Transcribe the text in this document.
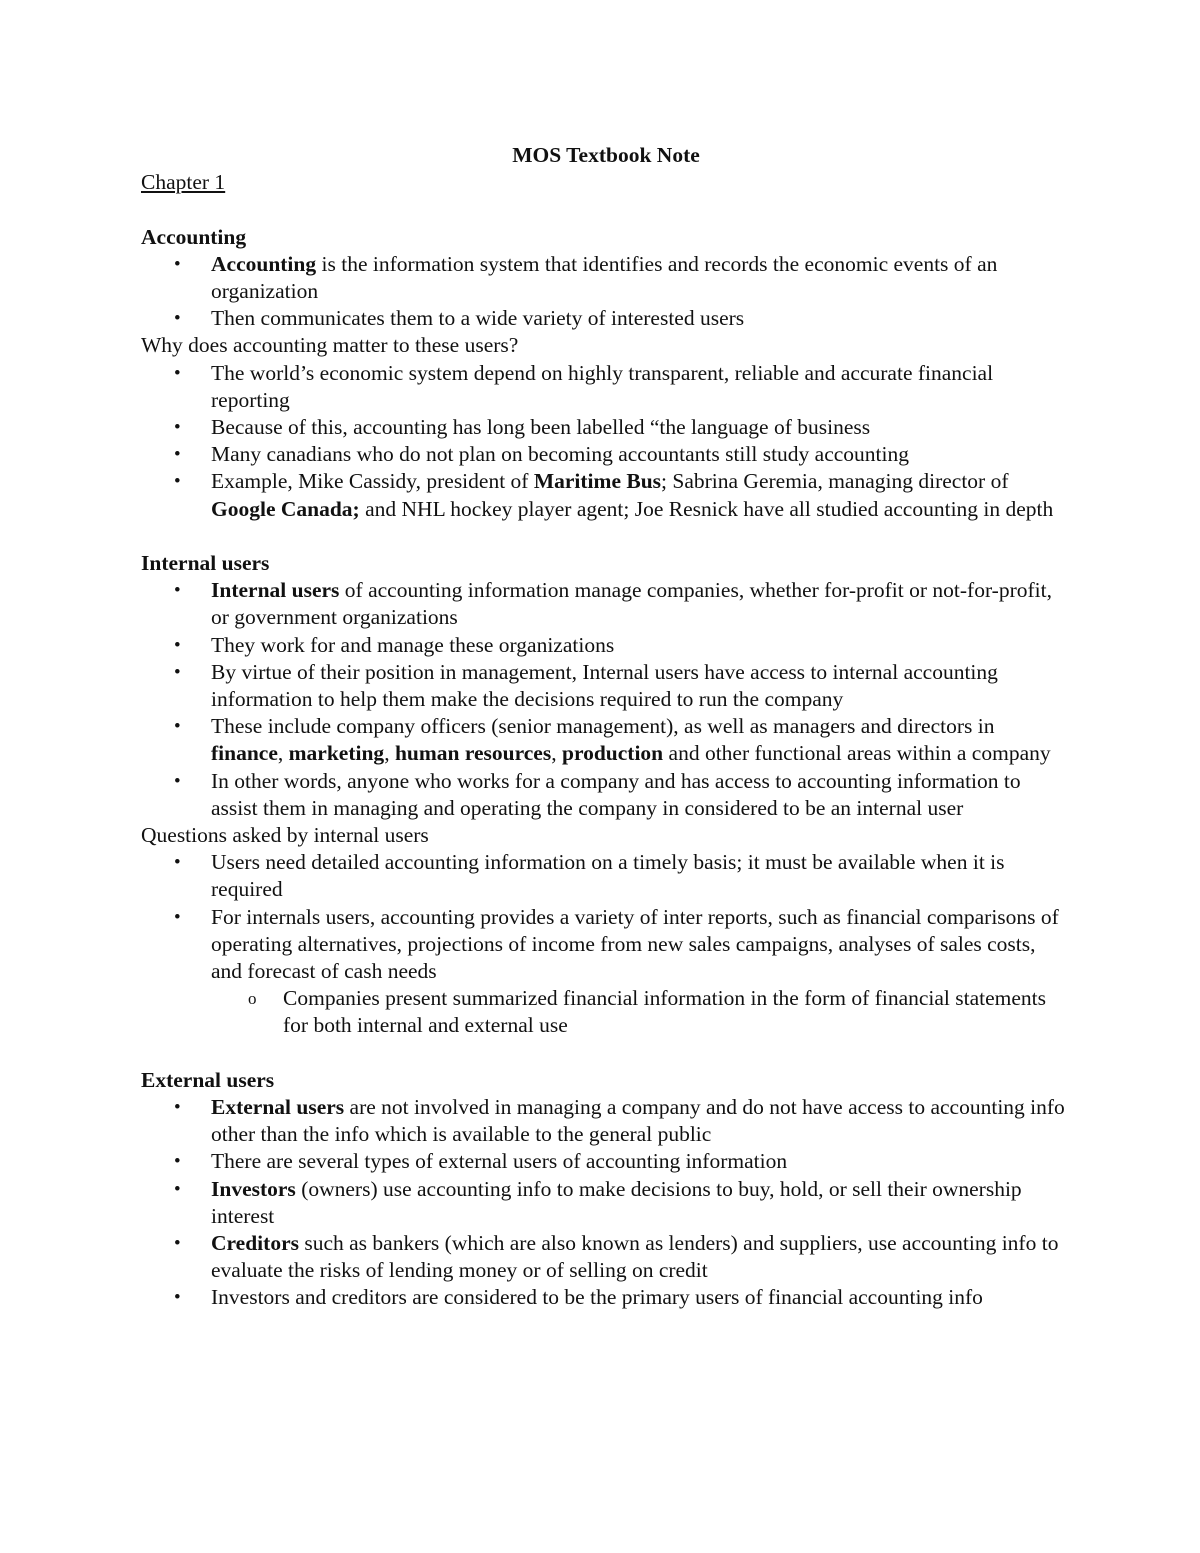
MOS Textbook Note

Chapter 1

Accounting

•	Accounting is the information system that identifies and records the economic events of an organization
•	Then communicates them to a wide variety of interested users

Why does accounting matter to these users?

•	The world’s economic system depend on highly transparent, reliable and accurate financial reporting
•	Because of this, accounting has long been labelled “the language of business
•	Many canadians who do not plan on becoming accountants still study accounting
•	Example, Mike Cassidy, president of Maritime Bus; Sabrina Geremia, managing director of Google Canada; and NHL hockey player agent; Joe Resnick have all studied accounting in depth

Internal users

•	Internal users of accounting information manage companies, whether for-profit or not-for-profit, or government organizations
•	They work for and manage these organizations
•	By virtue of their position in management, Internal users have access to internal accounting information to help them make the decisions required to run the company
•	These include company officers (senior management), as well as managers and directors in finance, marketing, human resources, production and other functional areas within a company
•	In other words, anyone who works for a company and has access to accounting information to assist them in managing and operating the company in considered to be an internal user

Questions asked by internal users

•	Users need detailed accounting information on a timely basis; it must be available when it is required
•	For internals users, accounting provides a variety of inter reports, such as financial comparisons of operating alternatives, projections of income from new sales campaigns, analyses of sales costs, and forecast of cash needs
o Companies present summarized financial information in the form of financial statements for both internal and external use

External users

•	External users are not involved in managing a company and do not have access to accounting info other than the info which is available to the general public
•	There are several types of external users of accounting information
•	Investors (owners) use accounting info to make decisions to buy, hold, or sell their ownership interest
•	Creditors such as bankers (which are also known as lenders) and suppliers, use accounting info to evaluate the risks of lending money or of selling on credit
•	Investors and creditors are considered to be the primary users of financial accounting info
